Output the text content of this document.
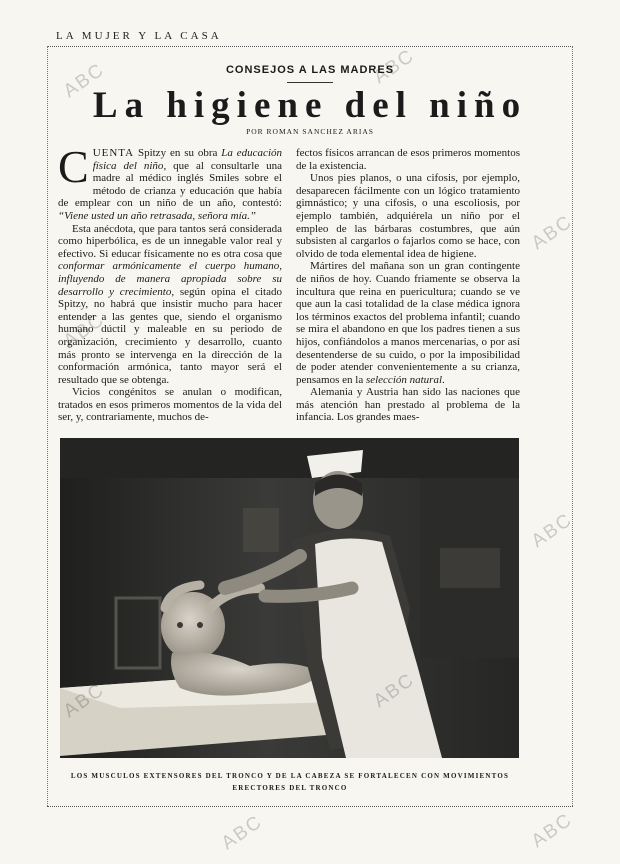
LA MUJER Y LA CASA
CONSEJOS A LAS MADRES
La higiene del niño
POR ROMAN SANCHEZ ARIAS

CUENTA Spitzy en su obra La educación física del niño, que al consultarle una madre al médico inglés Smiles sobre el método de crianza y educación que había de emplear con un niño de un año, contestó: “Viene usted un año retrasada, señora mía.”

Esta anécdota, que para tantos será considerada como hiperbólica, es de un innegable valor real y efectivo. Si educar físicamente no es otra cosa que conformar armónicamente el cuerpo humano, influyendo de manera apropiada sobre su desarrollo y crecimiento, según opina el citado Spitzy, no habrá que insistir mucho para hacer entender a las gentes que, siendo el organismo humano dúctil y maleable en su periodo de organización, crecimiento y desarrollo, cuanto más pronto se intervenga en la dirección de la conformación armónica, tanto mayor será el resultado que se obtenga.

Vicios congénitos se anulan o modifican, tratados en esos primeros momentos de la vida del ser, y, contrariamente, muchos de-

fectos físicos arrancan de esos primeros momentos de la existencia.

Unos pies planos, o una cifosis, por ejemplo, desaparecen fácilmente con un lógico tratamiento gimnástico; y una cifosis, o una escoliosis, por ejemplo también, adquiérela un niño por el empleo de las bárbaras costumbres, que aún subsisten al cargarlos o fajarlos como se hace, con olvido de toda elemental idea de higiene.

Mártires del mañana son un gran contingente de niños de hoy. Cuando friamente se observa la incultura que reina en puericultura; cuando se ve que aun la casi totalidad de la clase médica ignora los términos exactos del problema infantil; cuando se mira el abandono en que los padres tienen a sus hijos, confiándolos a manos mercenarias, o por así desentenderse de su cuido, o por la imposibilidad de poder atender convenientemente a su crianza, pensamos en la selección natural.

Alemania y Austria han sido las naciones que más atención han prestado al problema de la infancia. Los grandes maes-

LOS MUSCULOS EXTENSORES DEL TRONCO Y DE LA CABEZA SE FORTALECEN CON MOVIMIENTOS
ERECTORES DEL TRONCO
ABC	ABC
ABC
ABC
ABC
ABC	ABC
